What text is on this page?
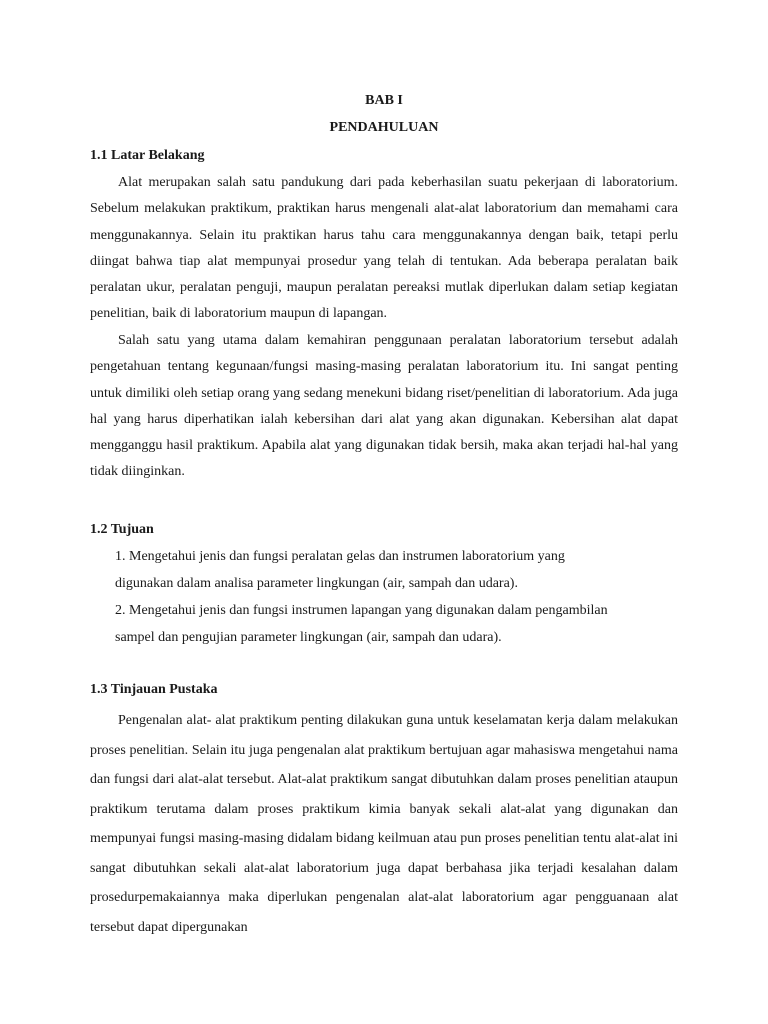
BAB I
PENDAHULUAN
1.1 Latar Belakang

Alat merupakan salah satu pandukung dari pada keberhasilan suatu pekerjaan di laboratorium. Sebelum melakukan praktikum, praktikan harus mengenali alat-alat laboratorium dan memahami cara menggunakannya. Selain itu praktikan harus tahu cara menggunakannya dengan baik, tetapi perlu diingat bahwa tiap alat mempunyai prosedur yang telah di tentukan. Ada beberapa peralatan baik peralatan ukur, peralatan penguji, maupun peralatan pereaksi mutlak diperlukan dalam setiap kegiatan penelitian, baik di laboratorium maupun di lapangan.

Salah satu yang utama dalam kemahiran penggunaan peralatan laboratorium tersebut adalah pengetahuan tentang kegunaan/fungsi masing-masing peralatan laboratorium itu. Ini sangat penting untuk dimiliki oleh setiap orang yang sedang menekuni bidang riset/penelitian di laboratorium. Ada juga hal yang harus diperhatikan ialah kebersihan dari alat yang akan digunakan. Kebersihan alat dapat mengganggu hasil praktikum. Apabila alat yang digunakan tidak bersih, maka akan terjadi hal-hal yang tidak diinginkan.

1.2 Tujuan
1. Mengetahui jenis dan fungsi peralatan gelas dan instrumen laboratorium yang
digunakan dalam analisa parameter lingkungan (air, sampah dan udara).
2. Mengetahui jenis dan fungsi instrumen lapangan yang digunakan dalam pengambilan
sampel dan pengujian parameter lingkungan (air, sampah dan udara).
1.3 Tinjauan Pustaka

Pengenalan alat- alat praktikum penting dilakukan guna untuk keselamatan kerja dalam melakukan proses penelitian. Selain itu juga pengenalan alat praktikum bertujuan agar mahasiswa mengetahui nama dan fungsi dari alat-alat tersebut. Alat-alat praktikum sangat dibutuhkan dalam proses penelitian ataupun praktikum terutama dalam proses praktikum kimia banyak sekali alat-alat yang digunakan dan mempunyai fungsi masing-masing didalam bidang keilmuan atau pun proses penelitian tentu alat-alat ini sangat dibutuhkan sekali alat-alat laboratorium juga dapat berbahasa jika terjadi kesalahan dalam prosedurpemakaiannya maka diperlukan pengenalan alat-alat laboratorium agar pengguanaan alat tersebut dapat dipergunakan
